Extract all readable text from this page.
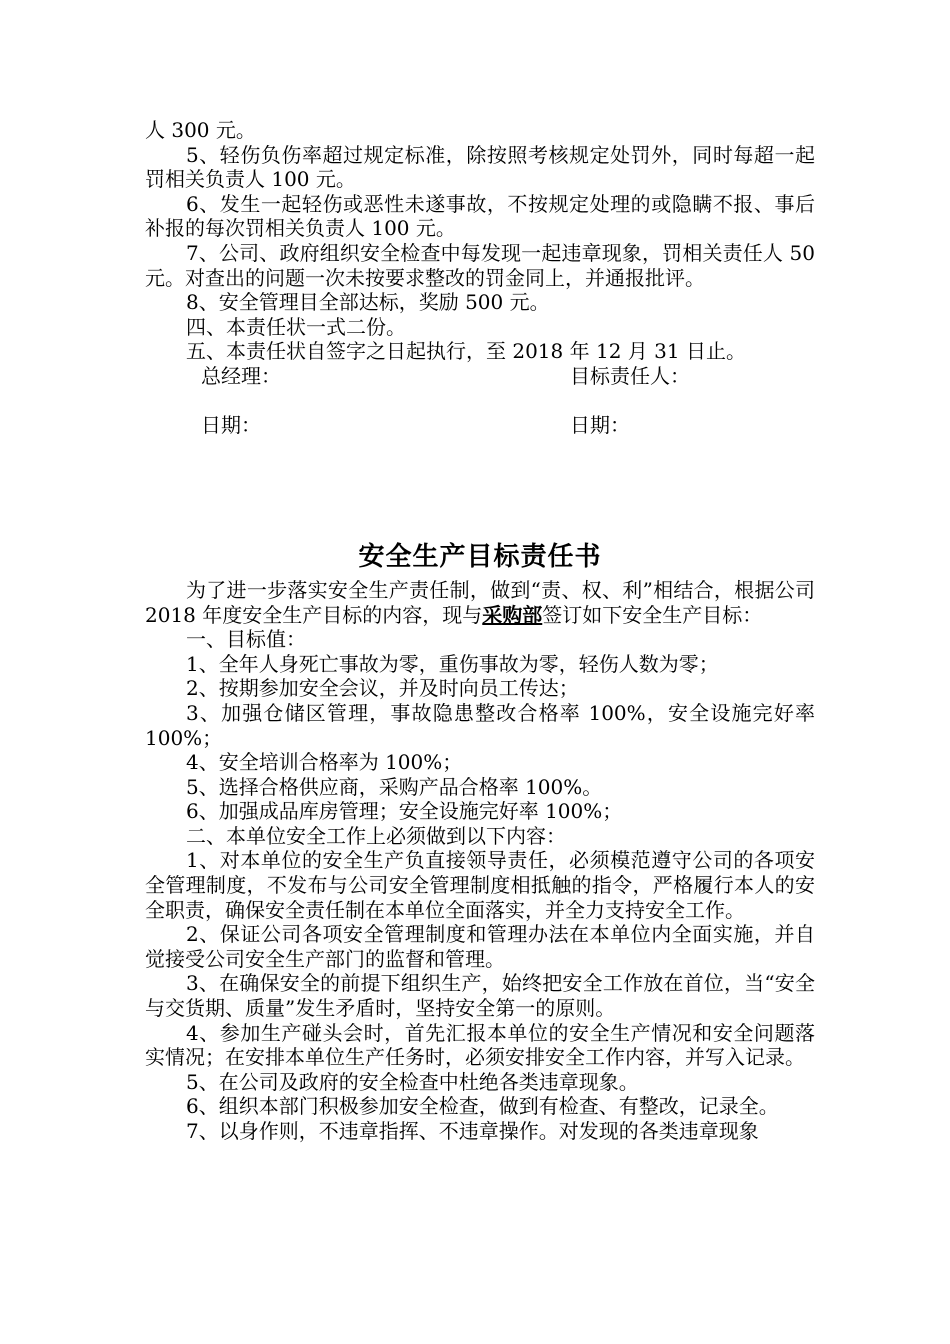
人 300 元。

5、轻伤负伤率超过规定标准，除按照考核规定处罚外，同时每超一起罚相关负责人 100 元。

6、发生一起轻伤或恶性未遂事故，不按规定处理的或隐瞒不报、事后补报的每次罚相关负责人 100 元。

7、公司、政府组织安全检查中每发现一起违章现象，罚相关责任人 50 元。对查出的问题一次未按要求整改的罚金同上，并通报批评。

8、安全管理目全部达标，奖励 500 元。

四、本责任状一式二份。

五、本责任状自签字之日起执行，至 2018 年 12 月 31 日止。

总经理：	目标责任人：

日期：	日期：

安全生产目标责任书

为了进一步落实安全生产责任制，做到“责、权、利”相结合，根据公司 2018 年度安全生产目标的内容，现与采购部签订如下安全生产目标：

一、目标值：

1、全年人身死亡事故为零，重伤事故为零，轻伤人数为零；

2、按期参加安全会议，并及时向员工传达；

3、加强仓储区管理，事故隐患整改合格率 100%，安全设施完好率 100%；

4、安全培训合格率为 100%；

5、选择合格供应商，采购产品合格率 100%。

6、加强成品库房管理；安全设施完好率 100%；

二、本单位安全工作上必须做到以下内容：

1、对本单位的安全生产负直接领导责任，必须模范遵守公司的各项安全管理制度，不发布与公司安全管理制度相抵触的指令，严格履行本人的安全职责，确保安全责任制在本单位全面落实，并全力支持安全工作。

2、保证公司各项安全管理制度和管理办法在本单位内全面实施，并自觉接受公司安全生产部门的监督和管理。

3、在确保安全的前提下组织生产，始终把安全工作放在首位，当“安全与交货期、质量”发生矛盾时，坚持安全第一的原则。

4、参加生产碰头会时，首先汇报本单位的安全生产情况和安全问题落实情况；在安排本单位生产任务时，必须安排安全工作内容，并写入记录。

5、在公司及政府的安全检查中杜绝各类违章现象。

6、组织本部门积极参加安全检查，做到有检查、有整改，记录全。

7、以身作则，不违章指挥、不违章操作。对发现的各类违章现象
